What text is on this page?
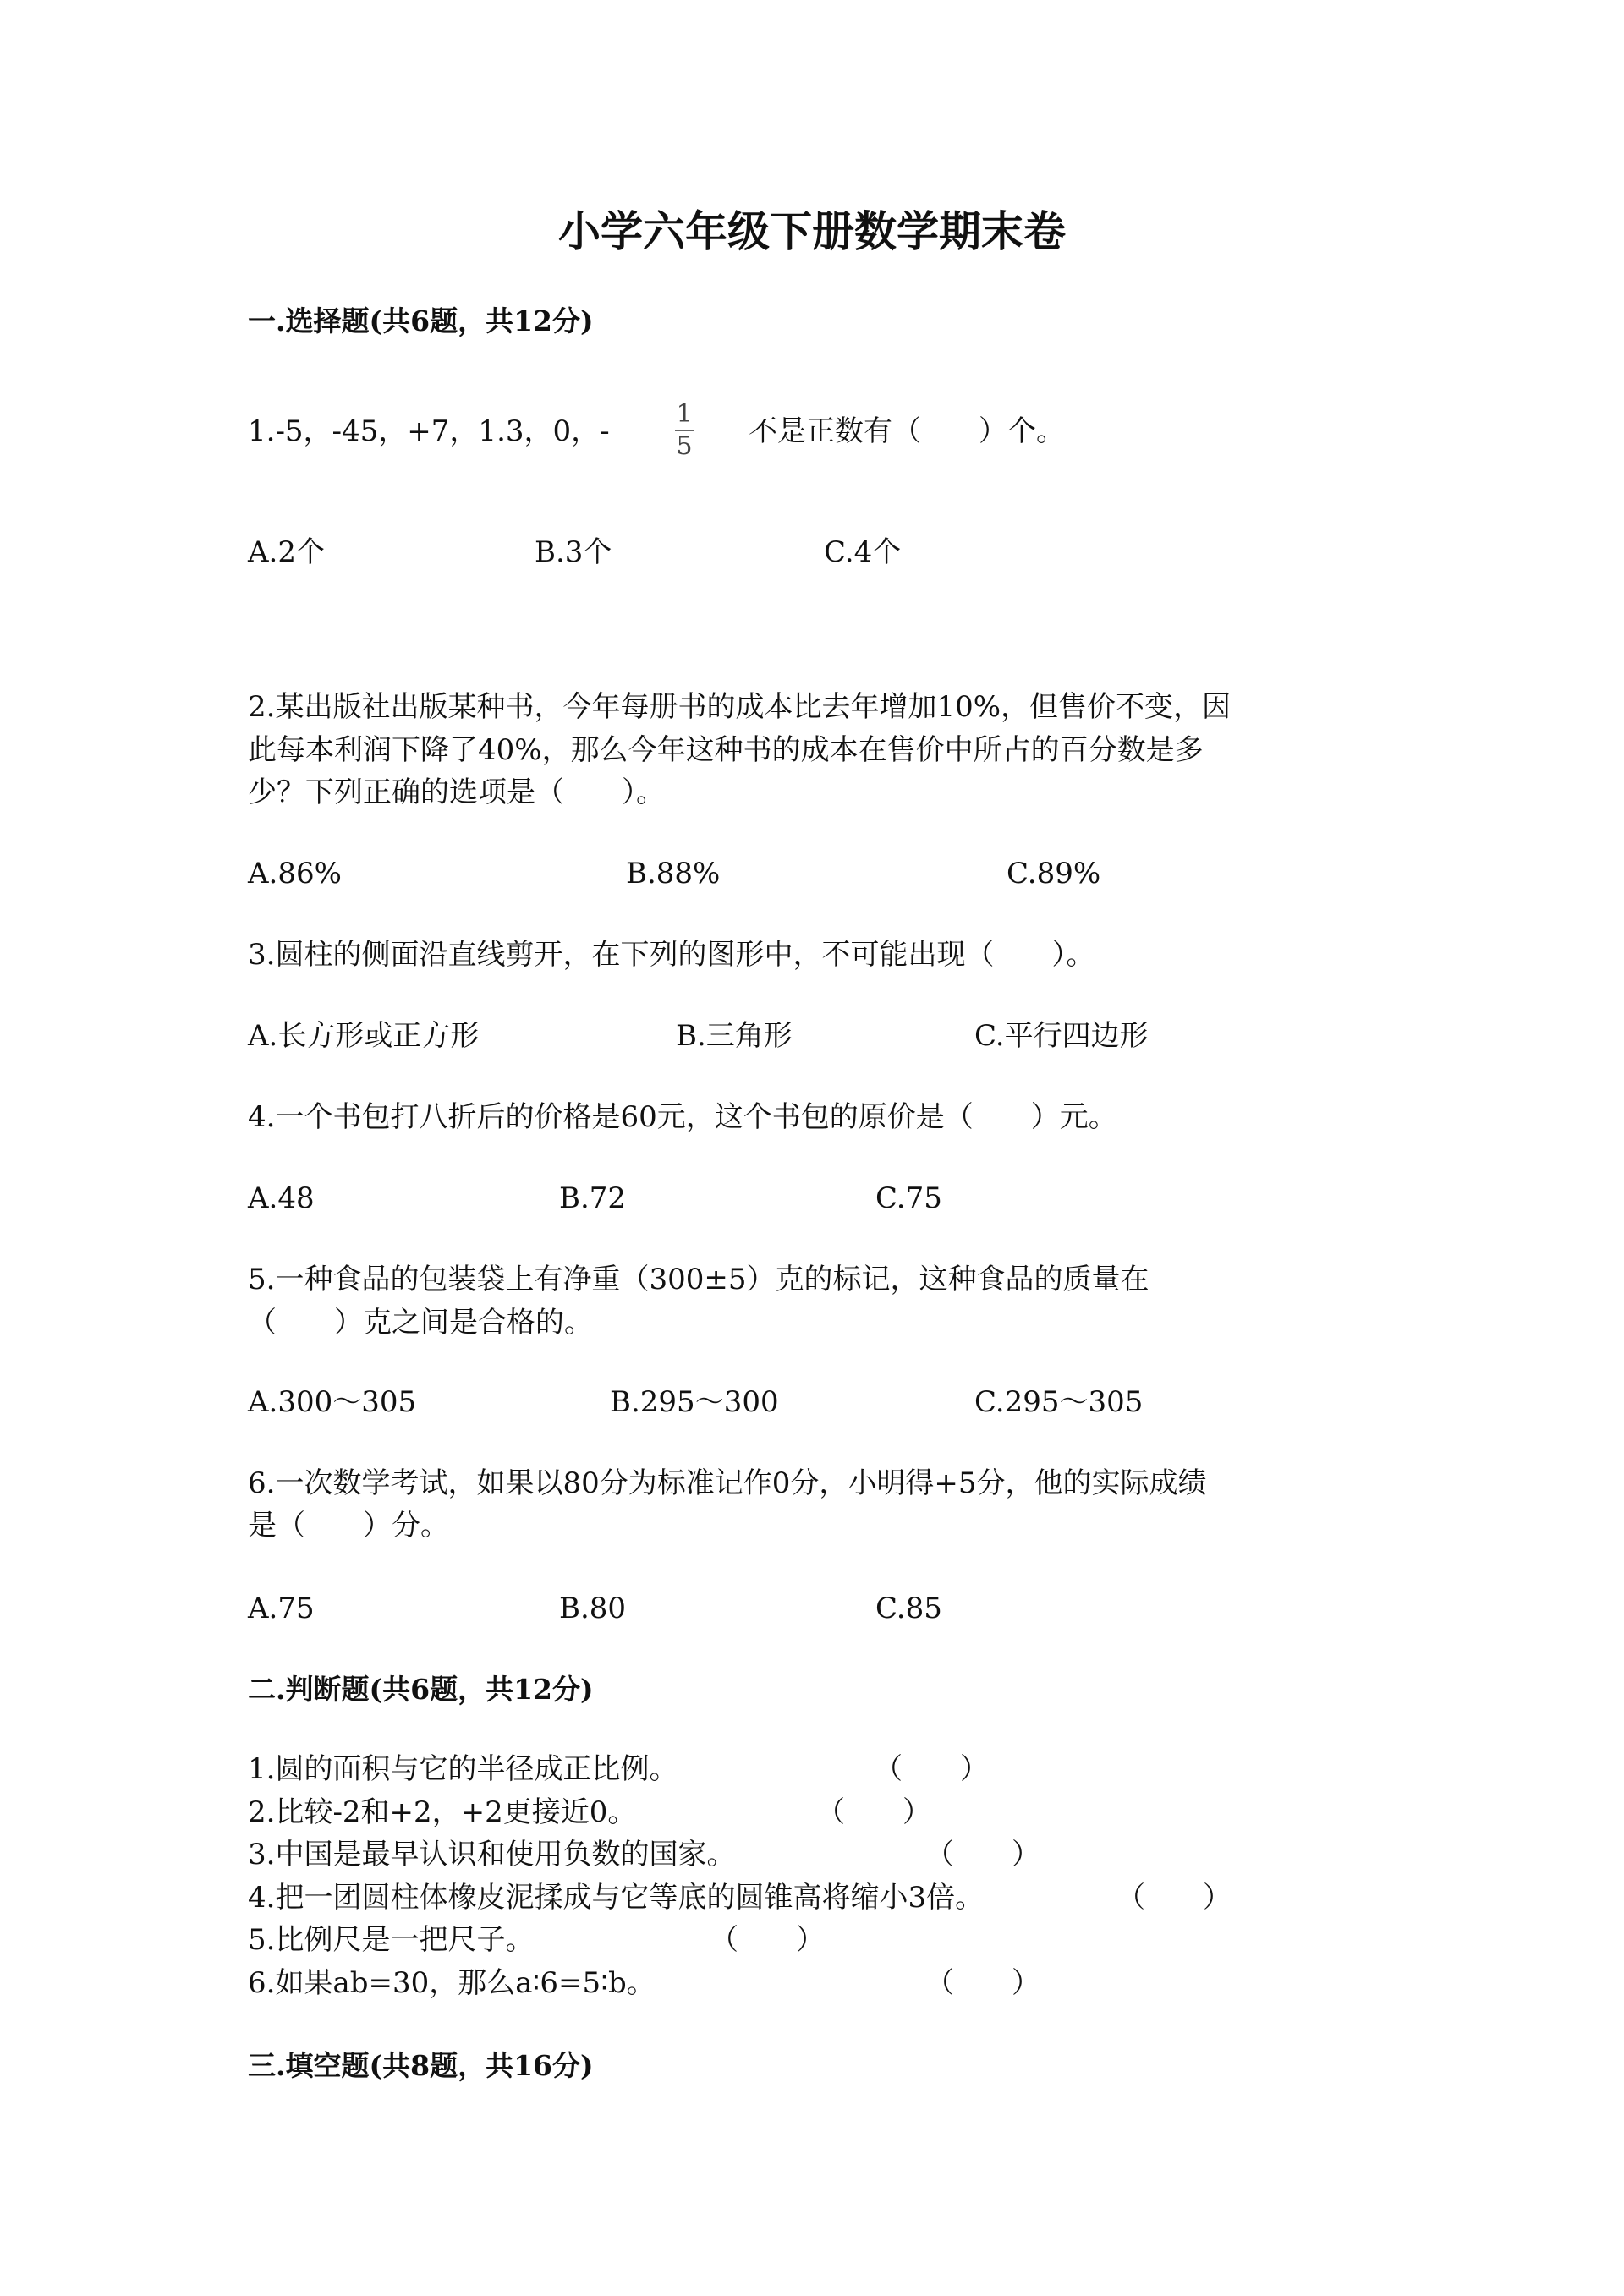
小学六年级下册数学期末卷
一.选择题(共6题，共12分)
1.-5，-45，+7，1.3，0，-
1
5 不是正数有（　　）个。
2.某出版社出版某种书，今年每册书的成本比去年增加10%，但售价不变，因
此每本利润下降了40%，那么今年这种书的成本在售价中所占的百分数是多
少？下列正确的选项是（　　）。
3.圆柱的侧面沿直线剪开，在下列的图形中，不可能出现（　　）。
4.一个书包打八折后的价格是60元，这个书包的原价是（　　）元。
5.一种食品的包装袋上有净重（300±5）克的标记，这种食品的质量在
（　　）克之间是合格的。
6.一次数学考试，如果以80分为标准记作0分，小明得+5分，他的实际成绩
是（　　）分。
A.2个	B.3个	C.4个
A.86%	B.88%	C.89%
A.长方形或正方形	B.三角形	C.平行四边形
A.48	B.72	C.75
A.300～305	B.295～300	C.295～305
A.75	B.80	C.85
二.判断题(共6题，共12分)
1.圆的面积与它的半径成正比例。	（　　）
2.比较-2和+2，+2更接近0。	（　　）
3.中国是最早认识和使用负数的国家。	（　　）
4.把一团圆柱体橡皮泥揉成与它等底的圆锥高将缩小3倍。	（　　）
5.比例尺是一把尺子。	（　　）
6.如果ab=30，那么a∶6=5∶b。	（　　）
三.填空题(共8题，共16分)
